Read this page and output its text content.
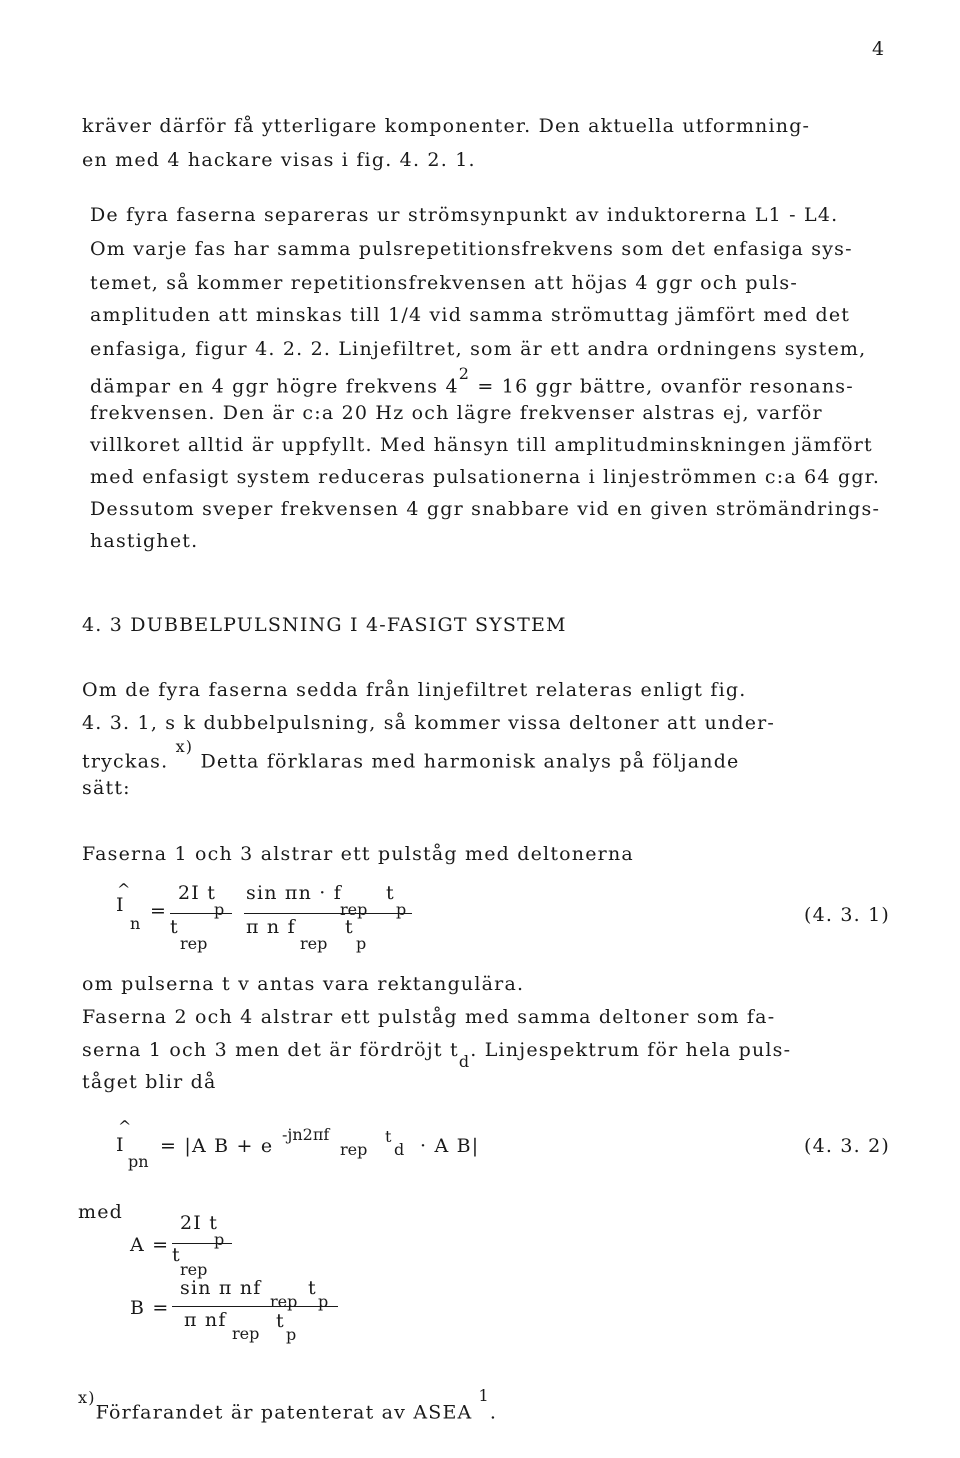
4
kräver därför få ytterligare komponenter. Den aktuella utformning-
en med 4 hackare visas i fig. 4. 2. 1.
De fyra faserna separeras ur strömsynpunkt av induktorerna L1 - L4.
Om varje fas har samma pulsrepetitionsfrekvens som det enfasiga sys-
temet, så kommer repetitionsfrekvensen att höjas 4 ggr och puls-
amplituden att minskas till 1/4 vid samma strömuttag jämfört med det
enfasiga, figur 4. 2. 2. Linjefiltret, som är ett andra ordningens system,
dämpar en 4 ggr högre frekvens $4^2 = 16$ ggr bättre, ovanför resonans-
frekvensen. Den är c:a 20 Hz och lägre frekvenser alstras ej, varför
villkoret alltid är uppfyllt. Med hänsyn till amplitudminskningen jämfört
med enfasigt system reduceras pulsationerna i linjeströmmen c:a 64 ggr.
Dessutom sveper frekvensen 4 ggr snabbare vid en given strömändrings-
hastighet.
4. 3 DUBBELPULSNING I 4-FASIGT SYSTEM
Om de fyra faserna sedda från linjefiltret relateras enligt fig.
4. 3. 1, s k dubbelpulsning, så kommer vissa deltoner att under-
tryckas. $^{x)}$ Detta förklaras med harmonisk analys på följande
sätt:
Faserna 1 och 3 alstrar ett pulståg med deltonerna
^
I
n
=
2I t
p
t
rep
sin πn · f
rep
t
p
π n f
rep
t
p
(4. 3. 1)
om pulserna t v antas vara rektangulära.
Faserna 2 och 4 alstrar ett pulståg med samma deltoner som fa-
serna 1 och 3 men det är fördröjt $t_d$. Linjespektrum för hela puls-
tåget blir då
^
I
pn
= |A B + e
-jn2πf
rep
t
d · A B|	(4. 3. 2)
med	2I t
p
A = t
rep
sin π nf
rep
t
p
B =
π nf
rep
t
p
$^{x)}$Förfarandet är patenterat av ASEA$^1$.
